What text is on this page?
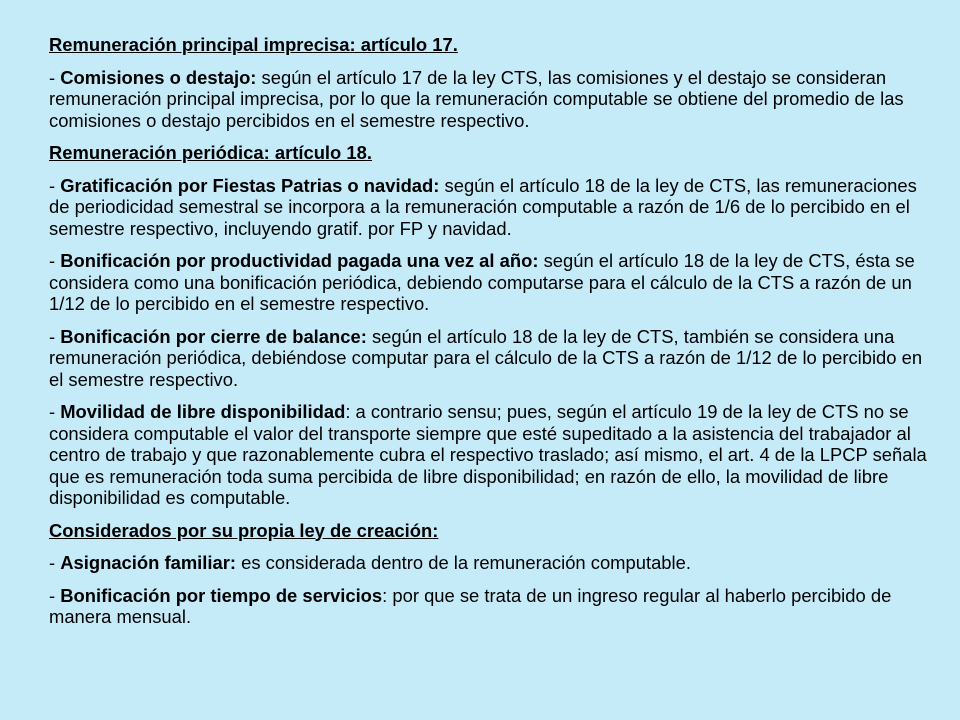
Remuneración principal imprecisa: artículo 17.

- Comisiones o destajo: según el artículo 17 de la ley CTS, las comisiones y el destajo se consideran remuneración principal imprecisa, por lo que la remuneración computable se obtiene del promedio de las comisiones o destajo percibidos en el semestre respectivo.

Remuneración periódica: artículo 18.

- Gratificación por Fiestas Patrias o navidad: según el artículo 18 de la ley de CTS, las remuneraciones de periodicidad semestral se incorpora a la remuneración computable a razón de 1/6 de lo percibido en el semestre respectivo, incluyendo gratif. por FP y navidad.

- Bonificación por productividad pagada una vez al año: según el artículo 18 de la ley de CTS, ésta se considera como una bonificación periódica, debiendo computarse para el cálculo de la CTS a razón de un 1/12 de lo percibido en el semestre respectivo.

- Bonificación por cierre de balance: según el artículo 18 de la ley de CTS, también se considera una remuneración periódica, debiéndose computar para el cálculo de la CTS a razón de 1/12 de lo percibido en el semestre respectivo.

- Movilidad de libre disponibilidad: a contrario sensu; pues, según el artículo 19 de la ley de CTS no se considera computable el valor del transporte siempre que esté supeditado a la asistencia del trabajador al centro de trabajo y que razonablemente cubra el respectivo traslado; así mismo, el art. 4 de la LPCP señala que es remuneración toda suma percibida de libre disponibilidad; en razón de ello, la movilidad de libre disponibilidad es computable.

Considerados por su propia ley de creación:

- Asignación familiar: es considerada dentro de la remuneración computable.

- Bonificación por tiempo de servicios: por que se trata de un ingreso regular al haberlo percibido de manera mensual.
